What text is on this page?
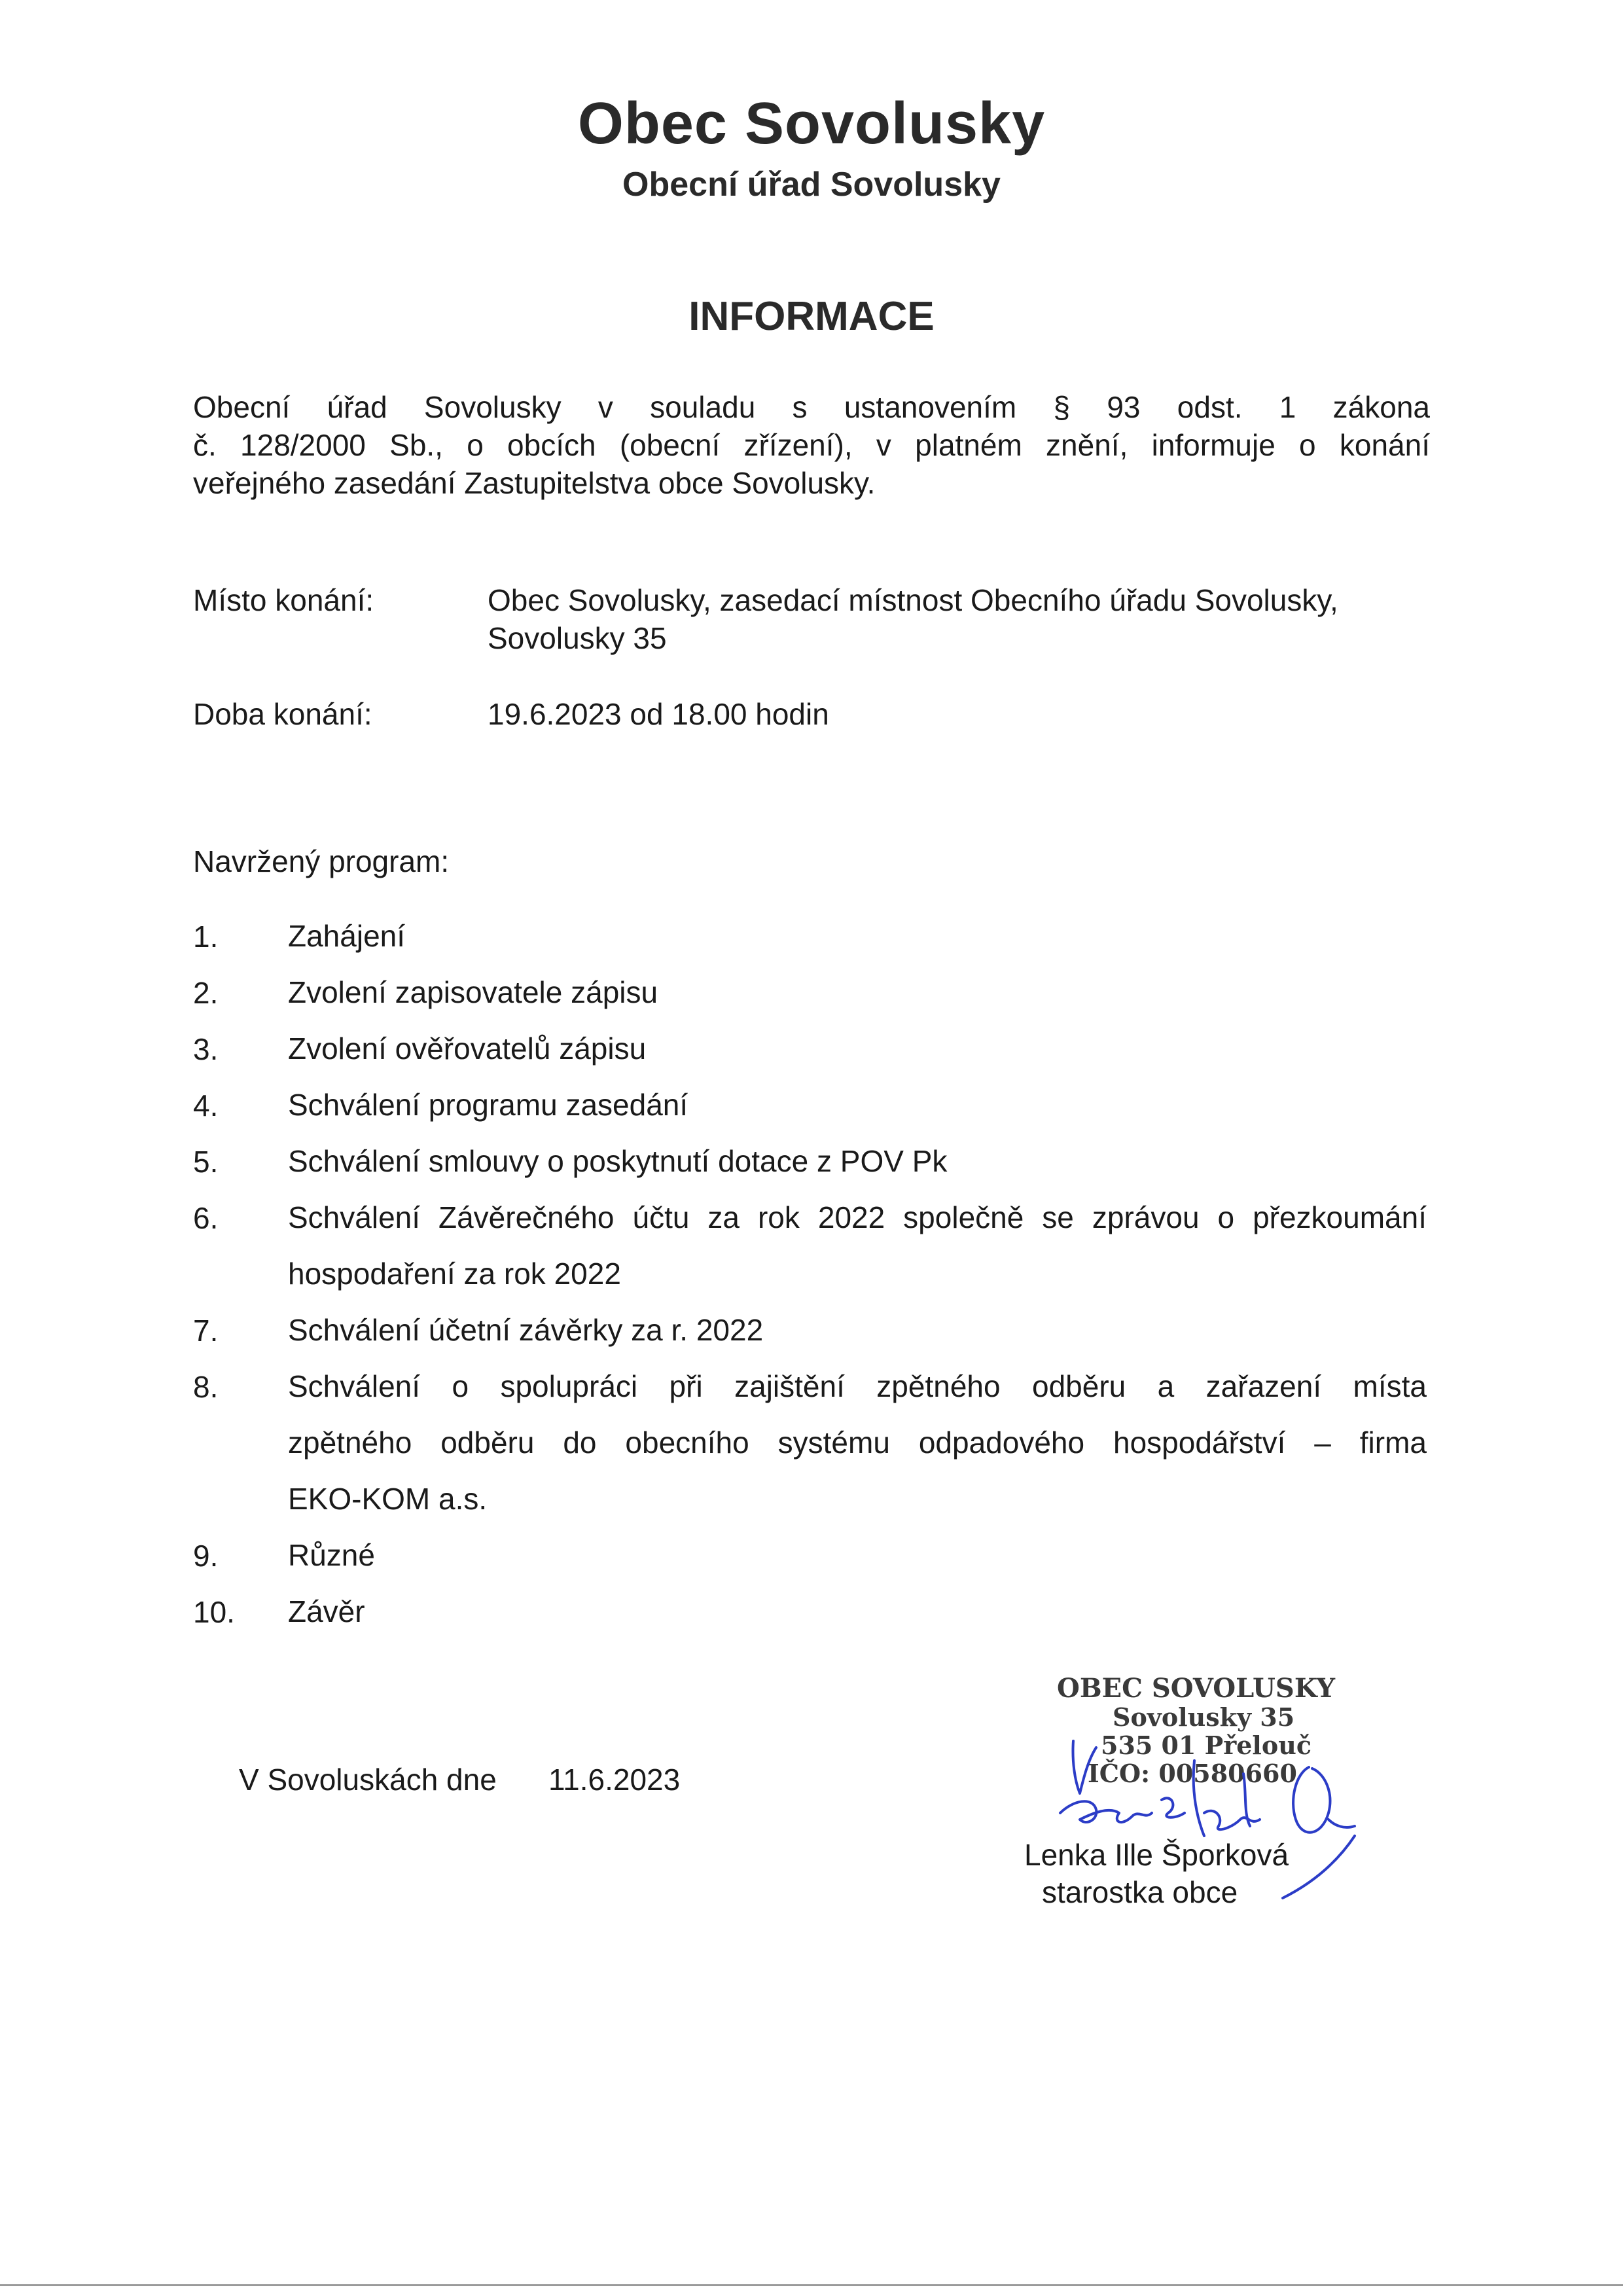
Obec Sovolusky
Obecní úřad Sovolusky
INFORMACE
Obecní úřad Sovolusky v souladu s ustanovením § 93 odst. 1 zákona
č. 128/2000 Sb., o obcích (obecní zřízení), v platném znění, informuje o konání
veřejného zasedání Zastupitelstva obce Sovolusky.
Místo konání:	Obec Sovolusky, zasedací místnost Obecního úřadu Sovolusky,
Sovolusky 35
Doba konání:	19.6.2023 od 18.00 hodin
Navržený program:
1. Zahájení
2. Zvolení zapisovatele zápisu
3. Zvolení ověřovatelů zápisu
4. Schválení programu zasedání
5. Schválení smlouvy o poskytnutí dotace z POV Pk
6. Schválení Závěrečného účtu za rok 2022 společně se zprávou o přezkoumání
hospodaření za rok 2022
7. Schválení účetní závěrky za r. 2022
8. Schválení o spolupráci při zajištění zpětného odběru a zařazení místa
zpětného odběru do obecního systému odpadového hospodářství – firma
EKO-KOM a.s.
9. Různé
10. Závěr
V Sovoluskách dne 11.6.2023
OBEC SOVOLUSKY
Sovolusky 35
535 01 Přelouč
IČO: 00580660
Lenka Ille Šporková
starostka obce
